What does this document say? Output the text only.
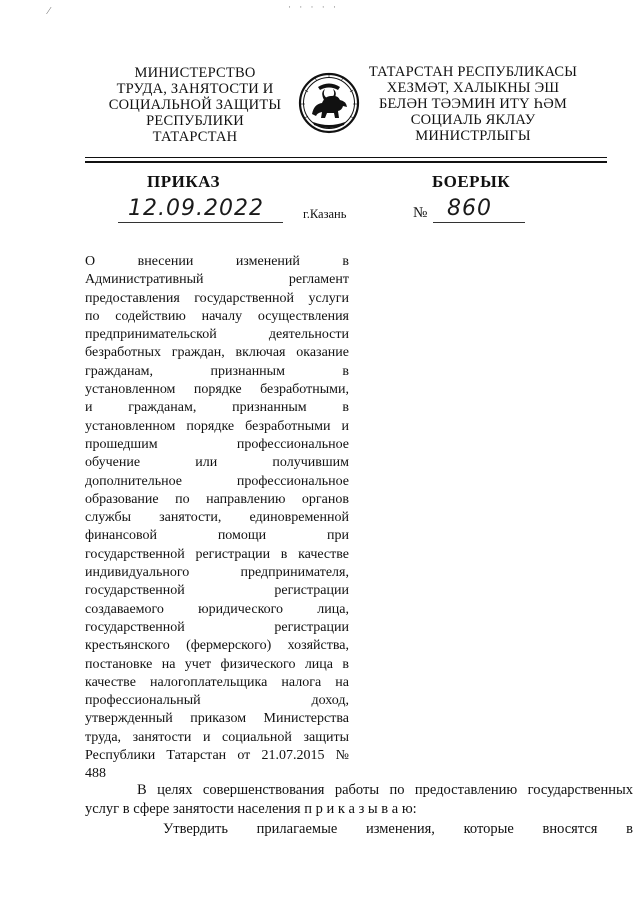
⁄	· · · · ·
МИНИСТЕРСТВО
ТРУДА, ЗАНЯТОСТИ И
СОЦИАЛЬНОЙ ЗАЩИТЫ
РЕСПУБЛИКИ
ТАТАРСТАН
ТАТАРСТАН РЕСПУБЛИКАСЫ
ХЕЗМӘТ, ХАЛЫКНЫ ЭШ
БЕЛӘН ТӘЭМИН ИТҮ ҺӘМ
СОЦИАЛЬ ЯКЛАУ
МИНИСТРЛЫГЫ
ПРИКАЗ	БОЕРЫК
12.09.2022	г.Казань	№ 860
О внесении изменений в
Административный регламент
предоставления государственной услуги
по содействию началу осуществления
предпринимательской деятельности
безработных граждан, включая оказание
гражданам, признанным в
установленном порядке безработными,
и гражданам, признанным в
установленном порядке безработными и
прошедшим профессиональное
обучение или получившим
дополнительное профессиональное
образование по направлению органов
службы занятости, единовременной
финансовой помощи при
государственной регистрации в качестве
индивидуального предпринимателя,
государственной регистрации
создаваемого юридического лица,
государственной регистрации
крестьянского (фермерского) хозяйства,
постановке на учет физического лица в
качестве налогоплательщика налога на
профессиональный доход,
утвержденный приказом Министерства
труда, занятости и социальной защиты
Республики Татарстан от 21.07.2015 №
488
В целях совершенствования работы по предоставлению государственных
услуг в сфере занятости населения п р и к а з ы в а ю:
Утвердить прилагаемые изменения, которые вносятся в
